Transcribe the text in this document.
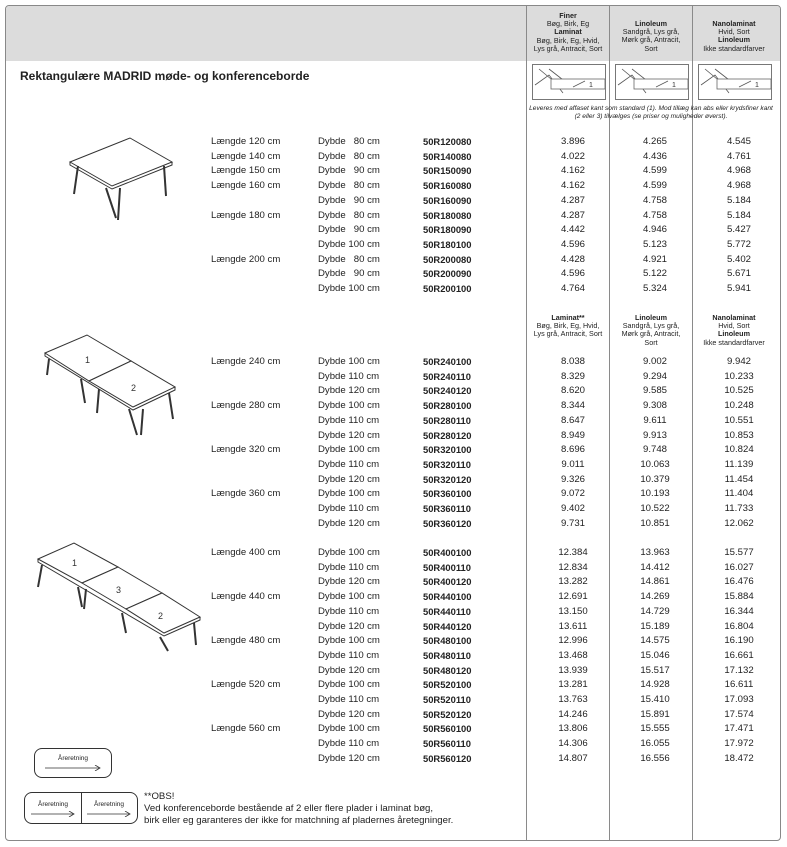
Finer
Bøg, Birk, Eg
Laminat
Bøg, Birk, Eg, Hvid,
Lys grå, Antracit, Sort
Linoleum
Sandgrå, Lys grå,
Mørk grå, Antracit,
Sort
Nanolaminat
Hvid, Sort
Linoleum
Ikke standardfarver
Rektangulære MADRID møde- og konferenceborde
1	1	1
Leveres med affaset kant som standard (1). Mod tillæg kan abs eller krydsfiner kant (2 eller 3) tilvælges (se priser og muligheder øverst).
1
2
1
3
2
Længde 120 cm	Dybde   80 cm	50R120080	3.896	4.265	4.545
Længde 140 cm	Dybde   80 cm	50R140080	4.022	4.436	4.761
Længde 150 cm	Dybde   90 cm	50R150090	4.162	4.599	4.968
Længde 160 cm	Dybde   80 cm	50R160080	4.162	4.599	4.968
Dybde   90 cm	50R160090	4.287	4.758	5.184
Længde 180 cm	Dybde   80 cm	50R180080	4.287	4.758	5.184
Dybde   90 cm	50R180090	4.442	4.946	5.427
Dybde 100 cm	50R180100	4.596	5.123	5.772
Længde 200 cm	Dybde   80 cm	50R200080	4.428	4.921	5.402
Dybde   90 cm	50R200090	4.596	5.122	5.671
Dybde 100 cm	50R200100	4.764	5.324	5.941
Laminat**
Bøg, Birk, Eg, Hvid,
Lys grå, Antracit, Sort
Linoleum
Sandgrå, Lys grå,
Mørk grå, Antracit,
Sort
Nanolaminat
Hvid, Sort
Linoleum
Ikke standardfarver
Længde 240 cm	Dybde 100 cm	50R240100	8.038	9.002	9.942
Dybde 110 cm	50R240110	8.329	9.294	10.233
Dybde 120 cm	50R240120	8.620	9.585	10.525
Længde 280 cm	Dybde 100 cm	50R280100	8.344	9.308	10.248
Dybde 110 cm	50R280110	8.647	9.611	10.551
Dybde 120 cm	50R280120	8.949	9.913	10.853
Længde 320 cm	Dybde 100 cm	50R320100	8.696	9.748	10.824
Dybde 110 cm	50R320110	9.011	10.063	11.139
Dybde 120 cm	50R320120	9.326	10.379	11.454
Længde 360 cm	Dybde 100 cm	50R360100	9.072	10.193	11.404
Dybde 110 cm	50R360110	9.402	10.522	11.733
Dybde 120 cm	50R360120	9.731	10.851	12.062
Længde 400 cm	Dybde 100 cm	50R400100	12.384	13.963	15.577
Dybde 110 cm	50R400110	12.834	14.412	16.027
Dybde 120 cm	50R400120	13.282	14.861	16.476
Længde 440 cm	Dybde 100 cm	50R440100	12.691	14.269	15.884
Dybde 110 cm	50R440110	13.150	14.729	16.344
Dybde 120 cm	50R440120	13.611	15.189	16.804
Længde 480 cm	Dybde 100 cm	50R480100	12.996	14.575	16.190
Dybde 110 cm	50R480110	13.468	15.046	16.661
Dybde 120 cm	50R480120	13.939	15.517	17.132
Længde 520 cm	Dybde 100 cm	50R520100	13.281	14.928	16.611
Dybde 110 cm	50R520110	13.763	15.410	17.093
Dybde 120 cm	50R520120	14.246	15.891	17.574
Længde 560 cm	Dybde 100 cm	50R560100	13.806	15.555	17.471
Dybde 110 cm	50R560110	14.306	16.055	17.972
Dybde 120 cm	50R560120	14.807	16.556	18.472
Åreretning
Åreretning	Åreretning
**OBS!
Ved konferenceborde bestående af 2 eller flere plader i laminat bøg,
birk eller eg garanteres der ikke for matchning af pladernes åretegninger.
